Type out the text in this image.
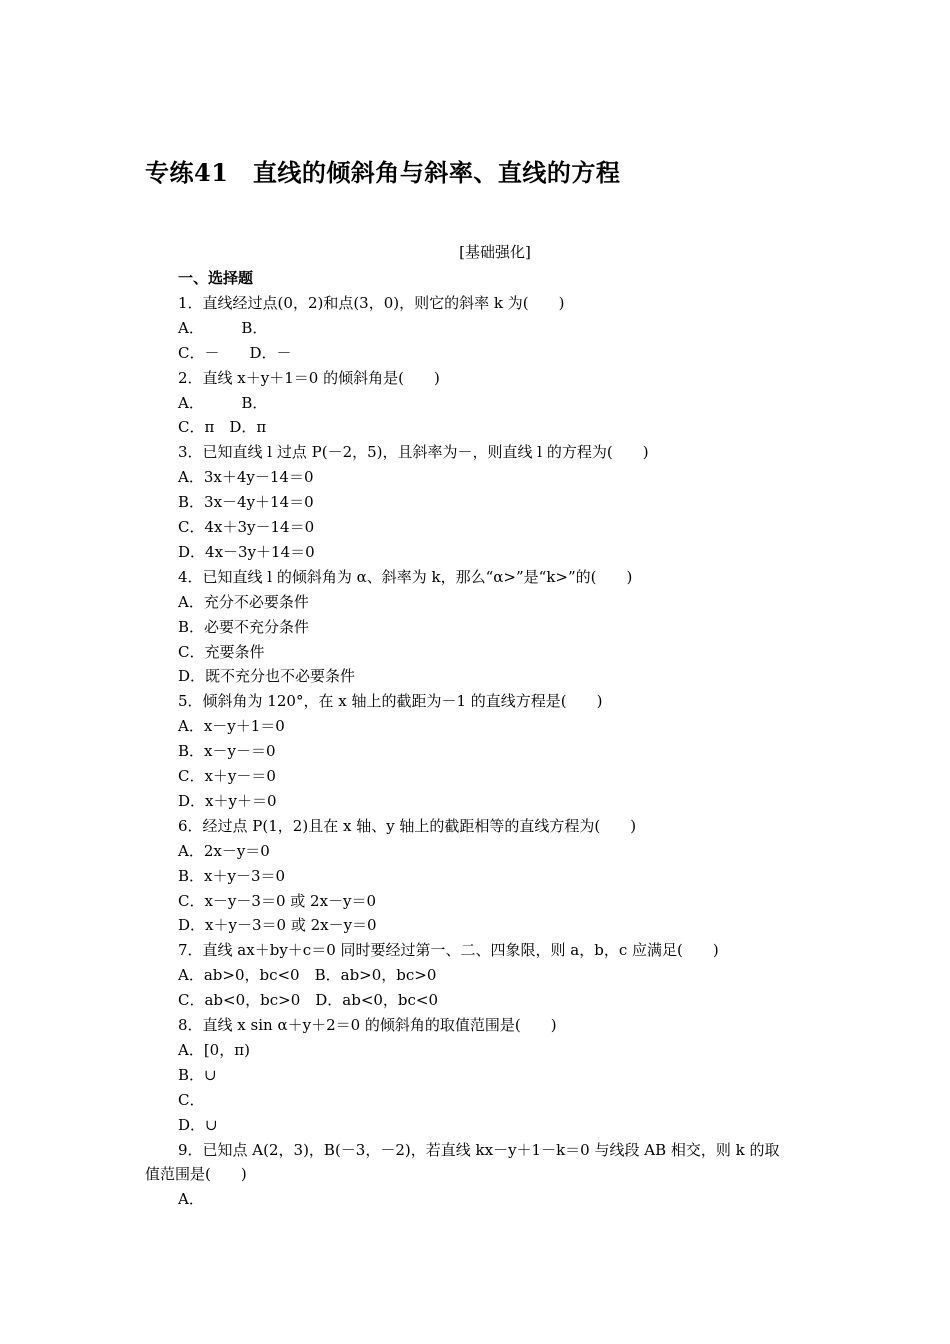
专练41　直线的倾斜角与斜率、直线的方程
[基础强化]
一、选择题
1．直线经过点(0，2)和点(3，0)，则它的斜率 k 为(　　)
A．　　　B．
C．－　　D．－
2．直线 x＋y＋1＝0 的倾斜角是(　　)
A．　　　B．
C．π　D．π
3．已知直线 l 过点 P(－2，5)，且斜率为－，则直线 l 的方程为(　　)
A．3x＋4y－14＝0
B．3x－4y＋14＝0
C．4x＋3y－14＝0
D．4x－3y＋14＝0
4．已知直线 l 的倾斜角为 α、斜率为 k，那么“α>”是“k>”的(　　)
A．充分不必要条件
B．必要不充分条件
C．充要条件
D．既不充分也不必要条件
5．倾斜角为 120°，在 x 轴上的截距为－1 的直线方程是(　　)
A．x－y＋1＝0
B．x－y－＝0
C．x＋y－＝0
D．x＋y＋＝0
6．经过点 P(1，2)且在 x 轴、y 轴上的截距相等的直线方程为(　　)
A．2x－y＝0
B．x＋y－3＝0
C．x－y－3＝0 或 2x－y＝0
D．x＋y－3＝0 或 2x－y＝0
7．直线 ax＋by＋c＝0 同时要经过第一、二、四象限，则 a，b，c 应满足(　　)
A．ab>0，bc<0　B．ab>0，bc>0
C．ab<0，bc>0　D．ab<0，bc<0
8．直线 x sin α＋y＋2＝0 的倾斜角的取值范围是(　　)
A．[0，π)
B．∪
C．
D．∪
9．已知点 A(2，3)，B(－3，－2)，若直线 kx－y＋1－k＝0 与线段 AB 相交，则 k 的取
值范围是(　　)
A．
